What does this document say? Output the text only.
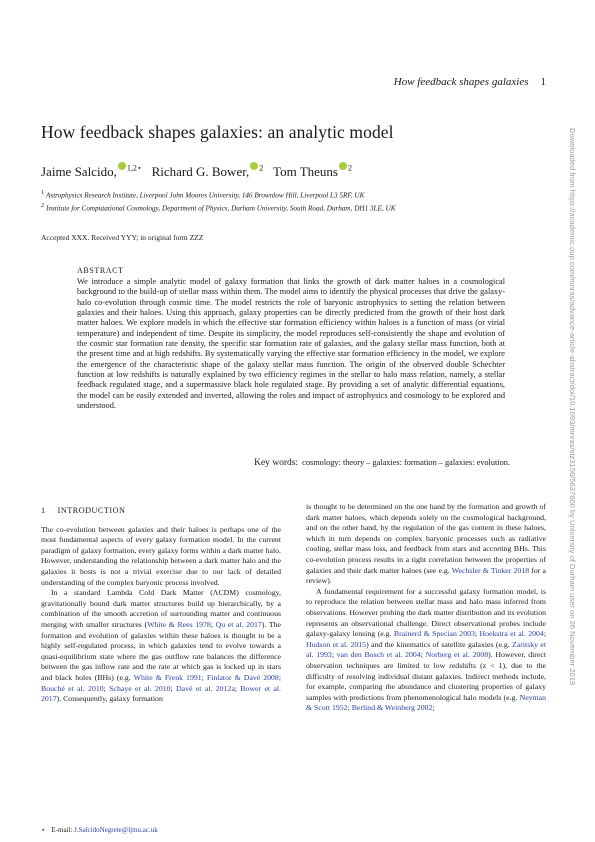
How feedback shapes galaxies 1
How feedback shapes galaxies: an analytic model
Jaime Salcido, $^{1,2⋆}$ Richard G. Bower, $^2$ Tom Theuns $^2$
$^1$ Astrophysics Research Institute, Liverpool John Moores University, 146 Brownlow Hill, Liverpool L3 5RF, UK
$^2$ Institute for Computational Cosmology, Department of Physics, Durham University, South Road, Durham, DH1 3LE, UK
Accepted XXX. Received YYY; in original form ZZZ
ABSTRACT

We introduce a simple analytic model of galaxy formation that links the growth of dark matter haloes in a cosmological background to the build-up of stellar mass within them. The model aims to identify the physical processes that drive the galaxy-halo co-evolution through cosmic time. The model restricts the role of baryonic astrophysics to setting the relation between galaxies and their haloes. Using this approach, galaxy properties can be directly predicted from the growth of their host dark matter haloes. We explore models in which the effective star formation efficiency within haloes is a function of mass (or virial temperature) and independent of time. Despite its simplicity, the model reproduces self-consistently the shape and evolution of the cosmic star formation rate density, the specific star formation rate of galaxies, and the galaxy stellar mass function, both at the present time and at high redshifts. By systematically varying the effective star formation efficiency in the model, we explore the emergence of the characteristic shape of the galaxy stellar mass function. The origin of the observed double Schechter function at low redshifts is naturally explained by two efficiency regimes in the stellar to halo mass relation, namely, a stellar feedback regulated stage, and a supermassive black hole regulated stage. By providing a set of analytic differential equations, the model can be easily extended and inverted, allowing the roles and impact of astrophysics and cosmology to be explored and understood.

Key words: cosmology: theory – galaxies: formation – galaxies: evolution.
1 INTRODUCTION

The co-evolution between galaxies and their haloes is perhaps one of the most fundamental aspects of every galaxy formation model. In the current paradigm of galaxy formation, every galaxy forms within a dark matter halo. However, understanding the relationship between a dark matter halo and the galaxies it hosts is not a trivial exercise due to our lack of detailed understanding of the complex baryonic process involved.

In a standard Lambda Cold Dark Matter (ΛCDM) cosmology, gravitationally bound dark matter structures build up hierarchically, by a combination of the smooth accretion of surrounding matter and continuous merging with smaller structures (White & Rees 1978; Qu et al. 2017). The formation and evolution of galaxies within these haloes is thought to be a highly self-regulated process, in which galaxies tend to evolve towards a quasi-equilibrium state where the gas outflow rate balances the difference between the gas inflow rate and the rate at which gas is locked up in stars and black holes (BHs) (e.g. White & Frenk 1991; Finlator & Davé 2008; Bouché et al. 2010; Schaye et al. 2010; Davé et al. 2012a; Bower et al. 2017). Consequently, galaxy formation

is thought to be determined on the one hand by the formation and growth of dark matter haloes, which depends solely on the cosmological background, and on the other hand, by the regulation of the gas content in these haloes, which in turn depends on complex baryonic processes such as radiative cooling, stellar mass loss, and feedback from stars and accreting BHs. This co-evolution process results in a tight correlation between the properties of galaxies and their dark matter haloes (see e.g. Wechsler & Tinker 2018 for a review).

A fundamental requirement for a successful galaxy formation model, is to reproduce the relation between stellar mass and halo mass inferred from observations. However probing the dark matter distribution and its evolution represents an observational challenge. Direct observational probes include galaxy-galaxy lensing (e.g. Brainerd & Specian 2003; Hoekstra et al. 2004; Hudson et al. 2015) and the kinematics of satellite galaxies (e.g. Zaritsky et al. 1993; van den Bosch et al. 2004; Norberg et al. 2008). However, direct observation techniques are limited to low redshifts (z < 1), due to the difficulty of resolving individual distant galaxies. Indirect methods include, for example, comparing the abundance and clustering properties of galaxy samples with predictions from phenomenological halo models (e.g. Neyman & Scott 1952; Berlind & Weinberg 2002;

⋆ E-mail: J.SalcidoNegrete@ljmu.ac.uk
Downloaded from https://academic.oup.com/mnras/advance-article-abstract/doi/10.1093/mnras/stz3156/5637600 by University of Durham user on 26 November 2019
